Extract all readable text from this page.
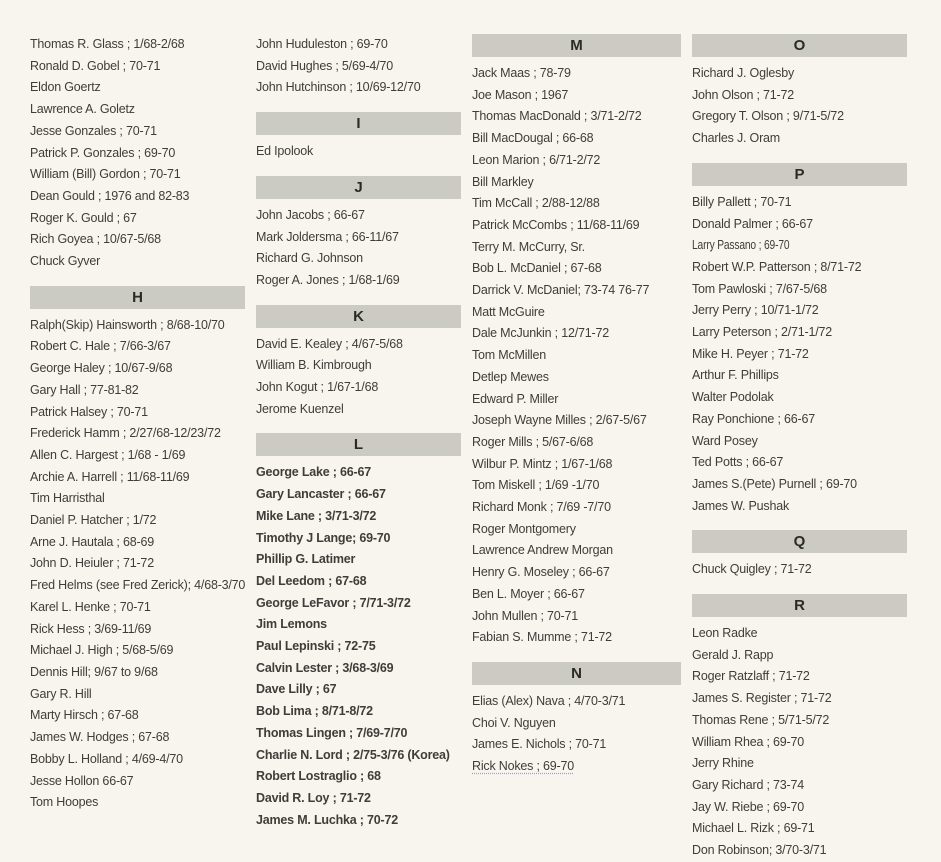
Thomas R. Glass ; 1/68-2/68
Ronald D. Gobel ; 70-71
Eldon Goertz
Lawrence A. Goletz
Jesse Gonzales ; 70-71
Patrick P. Gonzales ; 69-70
William (Bill) Gordon ; 70-71
Dean Gould ; 1976 and 82-83
Roger K. Gould ; 67
Rich Goyea ; 10/67-5/68
Chuck Gyver
H
Ralph(Skip) Hainsworth ; 8/68-10/70
Robert C. Hale ; 7/66-3/67
George Haley ; 10/67-9/68
Gary Hall ; 77-81-82
Patrick Halsey ; 70-71
Frederick Hamm ; 2/27/68-12/23/72
Allen C. Hargest ; 1/68 - 1/69
Archie A. Harrell ; 11/68-11/69
Tim Harristhal
Daniel P. Hatcher ; 1/72
Arne J. Hautala ; 68-69
John D. Heiuler ; 71-72
Fred Helms (see Fred Zerick); 4/68-3/70
Karel L. Henke ; 70-71
Rick Hess ; 3/69-11/69
Michael J. High ; 5/68-5/69
Dennis Hill; 9/67 to 9/68
Gary R. Hill
Marty Hirsch ; 67-68
James W. Hodges ; 67-68
Bobby L. Holland ; 4/69-4/70
Jesse Hollon 66-67
Tom Hoopes
John Huduleston ; 69-70
David Hughes ; 5/69-4/70
John Hutchinson ; 10/69-12/70
I
Ed Ipolook
J
John Jacobs ; 66-67
Mark Joldersma ; 66-11/67
Richard G. Johnson
Roger A. Jones ; 1/68-1/69
K
David E. Kealey ; 4/67-5/68
William B. Kimbrough
John Kogut ; 1/67-1/68
Jerome Kuenzel
L
George Lake ; 66-67
Gary Lancaster ; 66-67
Mike Lane ; 3/71-3/72
Timothy J Lange; 69-70
Phillip G. Latimer
Del Leedom ; 67-68
George LeFavor ; 7/71-3/72
Jim Lemons
Paul Lepinski ; 72-75
Calvin Lester ; 3/68-3/69
Dave Lilly ; 67
Bob Lima ; 8/71-8/72
Thomas Lingen ; 7/69-7/70
Charlie N. Lord ; 2/75-3/76 (Korea)
Robert Lostraglio ; 68
David R. Loy ; 71-72
James M. Luchka ; 70-72
M
Jack Maas ; 78-79
Joe Mason ; 1967
Thomas MacDonald ; 3/71-2/72
Bill MacDougal ; 66-68
Leon Marion ; 6/71-2/72
Bill Markley
Tim McCall ; 2/88-12/88
Patrick McCombs ; 11/68-11/69
Terry M. McCurry, Sr.
Bob L. McDaniel ; 67-68
Darrick V. McDaniel; 73-74 76-77
Matt McGuire
Dale McJunkin ; 12/71-72
Tom McMillen
Detlep Mewes
Edward P. Miller
Joseph Wayne Milles ; 2/67-5/67
Roger Mills ; 5/67-6/68
Wilbur P. Mintz ; 1/67-1/68
Tom Miskell ; 1/69 -1/70
Richard Monk ; 7/69 -7/70
Roger Montgomery
Lawrence Andrew Morgan
Henry G. Moseley ; 66-67
Ben L. Moyer ; 66-67
John Mullen ; 70-71
Fabian S. Mumme ; 71-72
N
Elias (Alex) Nava ; 4/70-3/71
Choi V. Nguyen
James E. Nichols ; 70-71
Rick Nokes ; 69-70
O
Richard J. Oglesby
John Olson ; 71-72
Gregory T. Olson ; 9/71-5/72
Charles J. Oram
P
Billy Pallett ; 70-71
Donald Palmer ; 66-67
Larry Passano ; 69-70
Robert W.P. Patterson ; 8/71-72
Tom Pawloski ; 7/67-5/68
Jerry Perry ; 10/71-1/72
Larry Peterson ; 2/71-1/72
Mike H. Peyer ; 71-72
Arthur F. Phillips
Walter Podolak
Ray Ponchione ; 66-67
Ward Posey
Ted Potts ; 66-67
James S.(Pete) Purnell ; 69-70
James W. Pushak
Q
Chuck Quigley ; 71-72
R
Leon Radke
Gerald J. Rapp
Roger Ratzlaff ; 71-72
James S. Register ; 71-72
Thomas Rene ; 5/71-5/72
William Rhea ; 69-70
Jerry Rhine
Gary Richard ; 73-74
Jay W. Riebe ; 69-70
Michael L. Rizk ; 69-71
Don Robinson; 3/70-3/71
